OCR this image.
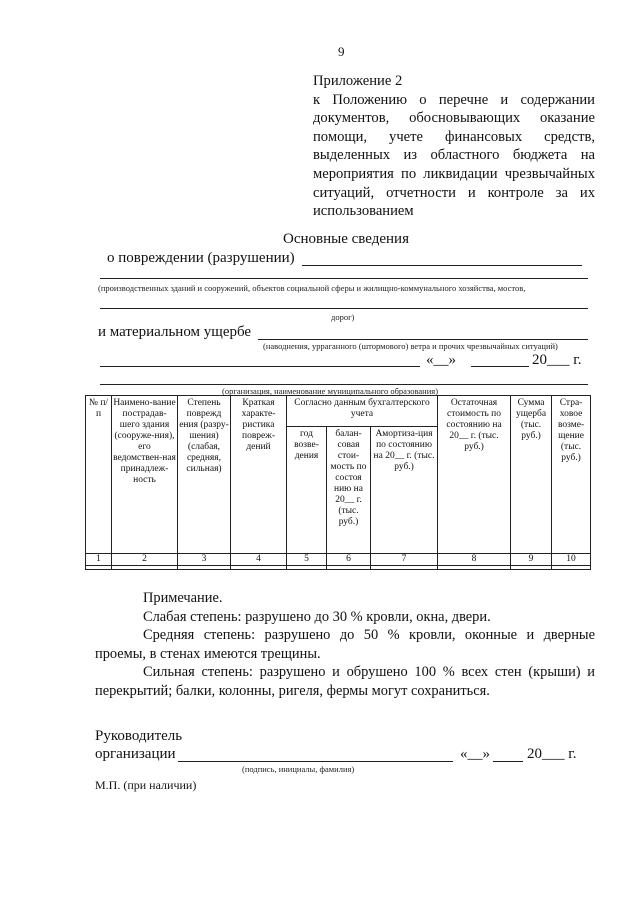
9
Приложение 2
к Положению о перечне и содержании документов, обосновывающих оказание помощи, учете финансовых средств, выделенных из областного бюджета на мероприятия по ликвидации чрезвычайных ситуаций, отчетности и контроле за их использованием
Основные сведения
о повреждении (разрушении)
(производственных зданий и сооружений, объектов социальной сферы и жилищно-коммунального хозяйства, мостов,
дорог)
и материальном ущербе
(наводнения, урраганного (штормового) ветра и прочих чрезвычайных ситуаций)
«__»	20___ г.
(организация, наименование муниципального образования)
№ п/п	Наимено-вание пострадав-шего здания (сооруже-ния), его ведомствен-ная принадлеж-ность	Степень поврежд ения (разру-шения) (слабая, средняя, сильная)	Краткая характе-ристика повреж-дений	Согласно данным бухгалтерского учета			Остаточная стоимость по состоянию на 20__ г. (тыс. руб.)	Сумма ущерба (тыс. руб.)	Стра-ховое возме-щение (тыс. руб.)
				год возве-дения	балан-совая стои-мость по состоя нию на 20__ г. (тыс. руб.)	Амортиза-ция по состоянию на 20__ г. (тыс. руб.)			
1	2	3	4	5	6	7	8	9	10

Примечание.

Слабая степень: разрушено до 30 % кровли, окна, двери.

Средняя степень: разрушено до 50 % кровли, оконные и дверные проемы, в стенах имеются трещины.

Сильная степень: разрушено и обрушено 100 % всех стен (крыши) и перекрытий; балки, колонны, ригеля, фермы могут сохраниться.

Руководитель
организации	«__» 20___ г.
(подпись, инициалы, фамилия)
М.П. (при наличии)
